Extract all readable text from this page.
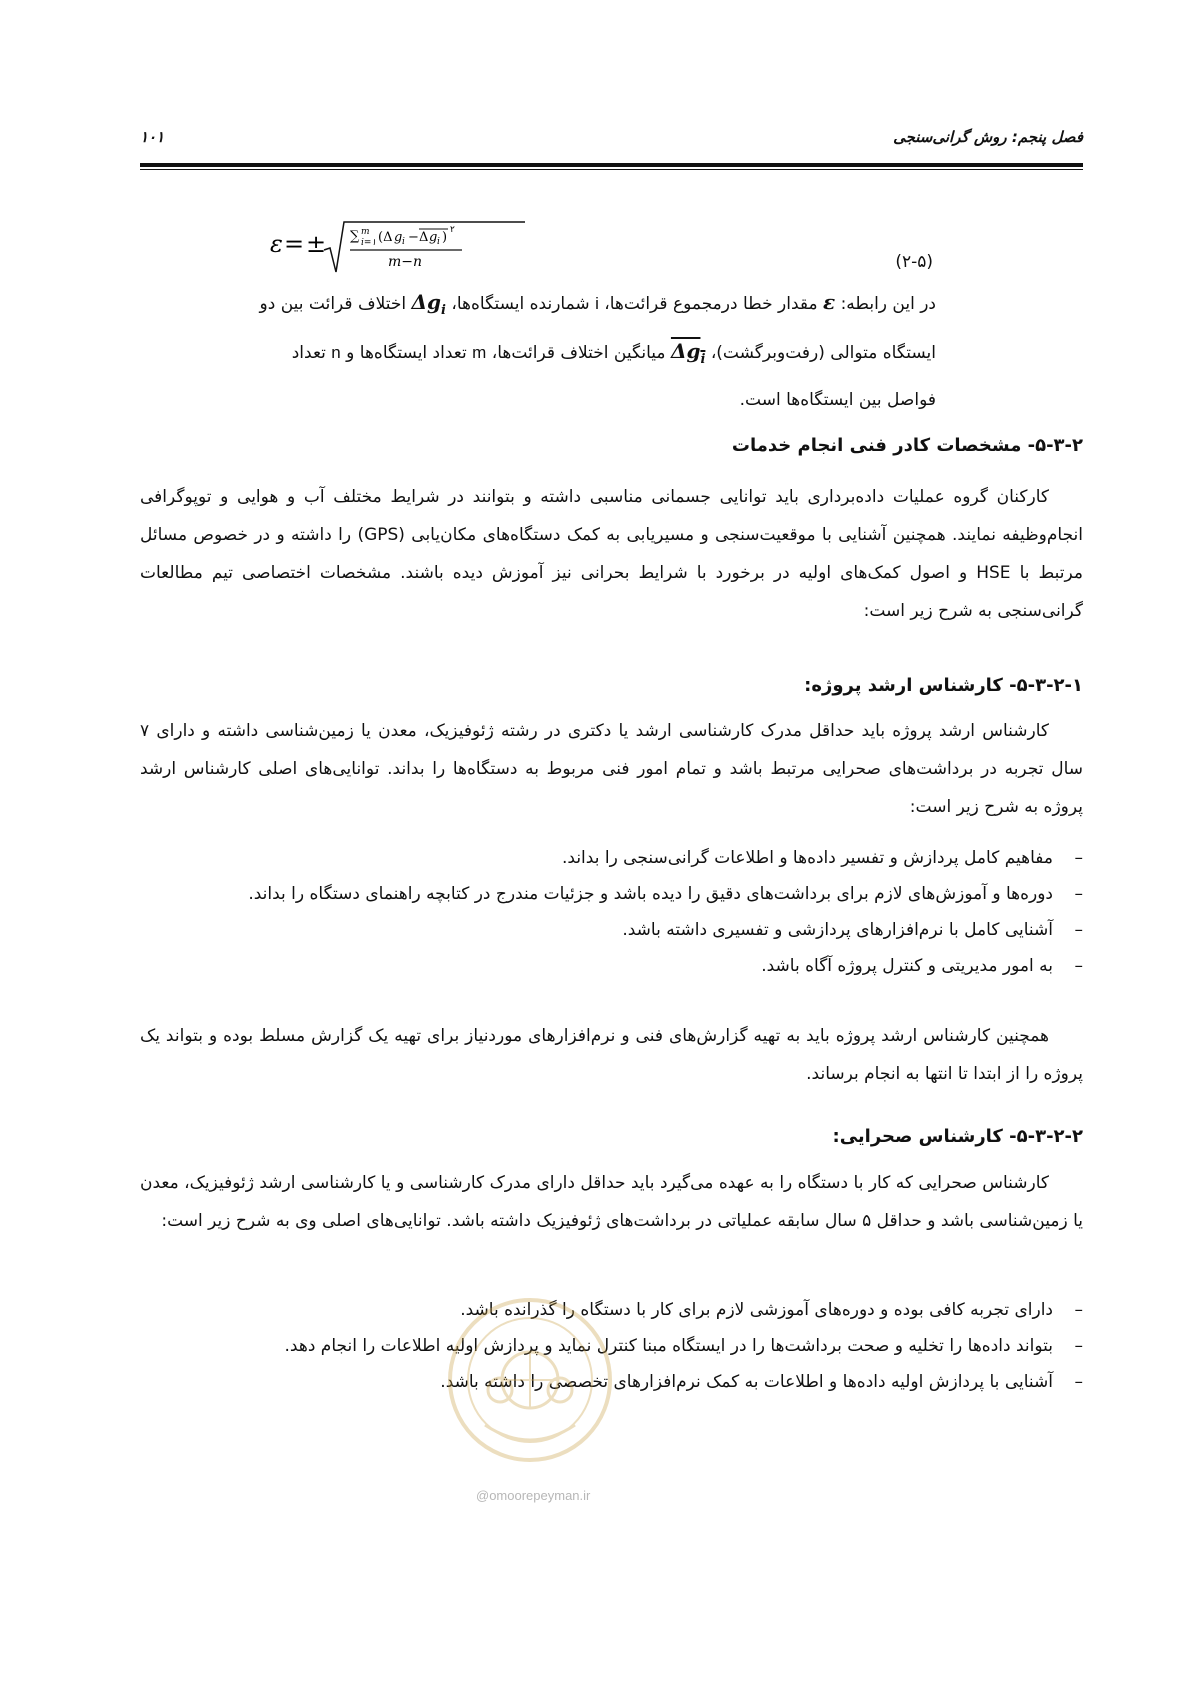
فصل پنجم: روش گرانی‌سنجی
۱۰۱
ε = ± ∑ m
i=۱ (Δ g i − Δ g i ) ۲
m−n	(۲-۵)
در این رابطه: ε مقدار خطا درمجموع قرائت‌ها، i شمارنده ایستگاه‌ها، $\Delta g_i$ اختلاف قرائت بین دو
ایستگاه متوالی (رفت‌وبرگشت)، $\Delta g_i$ میانگین اختلاف قرائت‌ها، m تعداد ایستگاه‌ها و n تعداد
فواصل بین ایستگاه‌ها است.
۵-۳-۲- مشخصات کادر فنی انجام خدمات
کارکنان گروه عملیات داده‌برداری باید توانایی جسمانی مناسبی داشته و بتوانند در شرایط مختلف آب و هوایی و توپوگرافی انجام‌وظیفه نمایند. همچنین آشنایی با موقعیت‌سنجی و مسیریابی به کمک دستگاه‌های مکان‌یابی (GPS) را داشته و در خصوص مسائل مرتبط با HSE و اصول کمک‌های اولیه در برخورد با شرایط بحرانی نیز آموزش دیده باشند. مشخصات اختصاصی تیم مطالعات گرانی‌سنجی به شرح زیر است:
۵-۳-۲-۱- کارشناس ارشد پروژه:
کارشناس ارشد پروژه باید حداقل مدرک کارشناسی ارشد یا دکتری در رشته ژئوفیزیک، معدن یا زمین‌شناسی داشته و دارای ۷ سال تجربه در برداشت‌های صحرایی مرتبط باشد و تمام امور فنی مربوط به دستگاه‌ها را بداند. توانایی‌های اصلی کارشناس ارشد پروژه به شرح زیر است:
–
مفاهیم کامل پردازش و تفسیر داده‌ها و اطلاعات گرانی‌سنجی را بداند.
–
دوره‌ها و آموزش‌های لازم برای برداشت‌های دقیق را دیده باشد و جزئیات مندرج در کتابچه راهنمای دستگاه را بداند.
–
آشنایی کامل با نرم‌افزارهای پردازشی و تفسیری داشته باشد.
–
به امور مدیریتی و کنترل پروژه آگاه باشد.
همچنین کارشناس ارشد پروژه باید به تهیه گزارش‌های فنی و نرم‌افزارهای موردنیاز برای تهیه یک گزارش مسلط بوده و بتواند یک پروژه را از ابتدا تا انتها به انجام برساند.
۵-۳-۲-۲- کارشناس صحرایی:
کارشناس صحرایی که کار با دستگاه را به عهده می‌گیرد باید حداقل دارای مدرک کارشناسی و یا کارشناسی ارشد ژئوفیزیک، معدن یا زمین‌شناسی باشد و حداقل ۵ سال سابقه عملیاتی در برداشت‌های ژئوفیزیک داشته باشد. توانایی‌های اصلی وی به شرح زیر است:
–
دارای تجربه کافی بوده و دوره‌های آموزشی لازم برای کار با دستگاه را گذرانده باشد.
–
بتواند داده‌ها را تخلیه و صحت برداشت‌ها را در ایستگاه مبنا کنترل نماید و پردازش اولیه اطلاعات را انجام دهد.
–
آشنایی با پردازش اولیه داده‌ها و اطلاعات به کمک نرم‌افزارهای تخصصی را داشته باشد.
@omoorepeyman.ir
